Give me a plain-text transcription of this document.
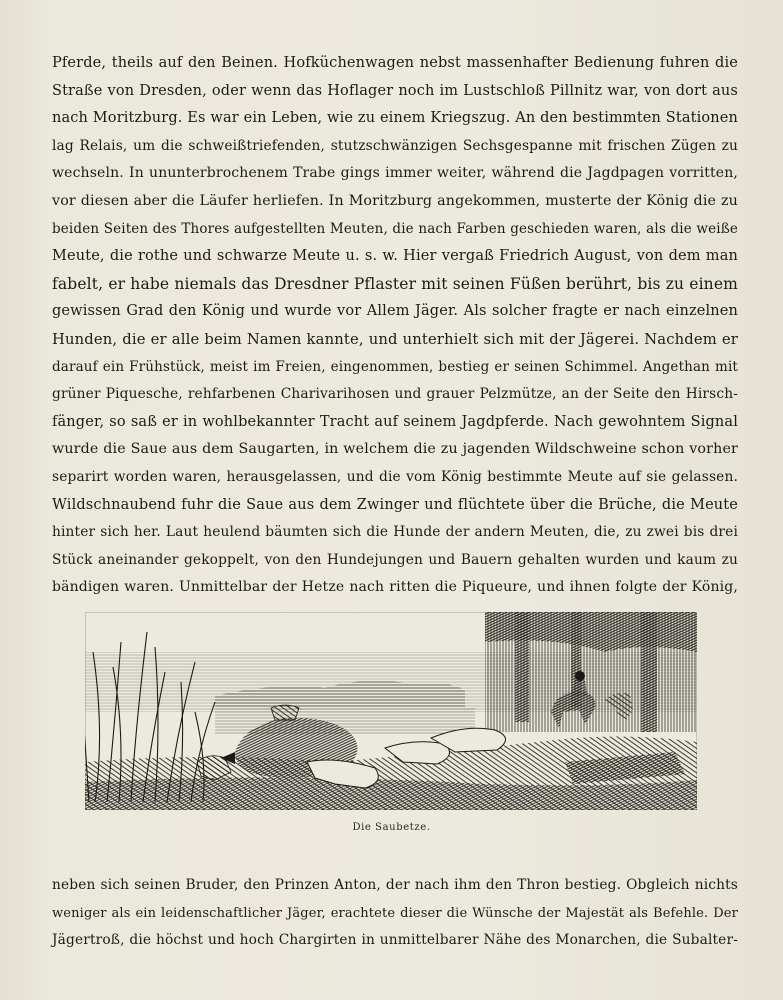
Pferde, theils auf den Beinen. Hofküchenwagen nebst massenhafter Bedienung fuhren die
Straße von Dresden, oder wenn das Hoflager noch im Lustschloß Pillnitz war, von dort aus
nach Moritzburg. Es war ein Leben, wie zu einem Kriegszug. An den bestimmten Stationen
lag Relais, um die schweißtriefenden, stutzschwänzigen Sechsgespanne mit frischen Zügen zu
wechseln. In ununterbrochenem Trabe gings immer weiter, während die Jagdpagen vorritten,
vor diesen aber die Läufer herliefen. In Moritzburg angekommen, musterte der König die zu
beiden Seiten des Thores aufgestellten Meuten, die nach Farben geschieden waren, als die weiße
Meute, die rothe und schwarze Meute u. s. w. Hier vergaß Friedrich August, von dem man
fabelt, er habe niemals das Dresdner Pflaster mit seinen Füßen berührt, bis zu einem
gewissen Grad den König und wurde vor Allem Jäger. Als solcher fragte er nach einzelnen
Hunden, die er alle beim Namen kannte, und unterhielt sich mit der Jägerei. Nachdem er
darauf ein Frühstück, meist im Freien, eingenommen, bestieg er seinen Schimmel. Angethan mit
grüner Piquesche, rehfarbenen Charivarihosen und grauer Pelzmütze, an der Seite den Hirsch-
fänger, so saß er in wohlbekannter Tracht auf seinem Jagdpferde. Nach gewohntem Signal
wurde die Saue aus dem Saugarten, in welchem die zu jagenden Wildschweine schon vorher
separirt worden waren, herausgelassen, und die vom König bestimmte Meute auf sie gelassen.
Wildschnaubend fuhr die Saue aus dem Zwinger und flüchtete über die Brüche, die Meute
hinter sich her. Laut heulend bäumten sich die Hunde der andern Meuten, die, zu zwei bis drei
Stück aneinander gekoppelt, von den Hundejungen und Bauern gehalten wurden und kaum zu
bändigen waren. Unmittelbar der Hetze nach ritten die Piqueure, und ihnen folgte der König,
Die Saubetze.
neben sich seinen Bruder, den Prinzen Anton, der nach ihm den Thron bestieg. Obgleich nichts
weniger als ein leidenschaftlicher Jäger, erachtete dieser die Wünsche der Majestät als Befehle. Der
Jägertroß, die höchst und hoch Chargirten in unmittelbarer Nähe des Monarchen, die Subalter-
